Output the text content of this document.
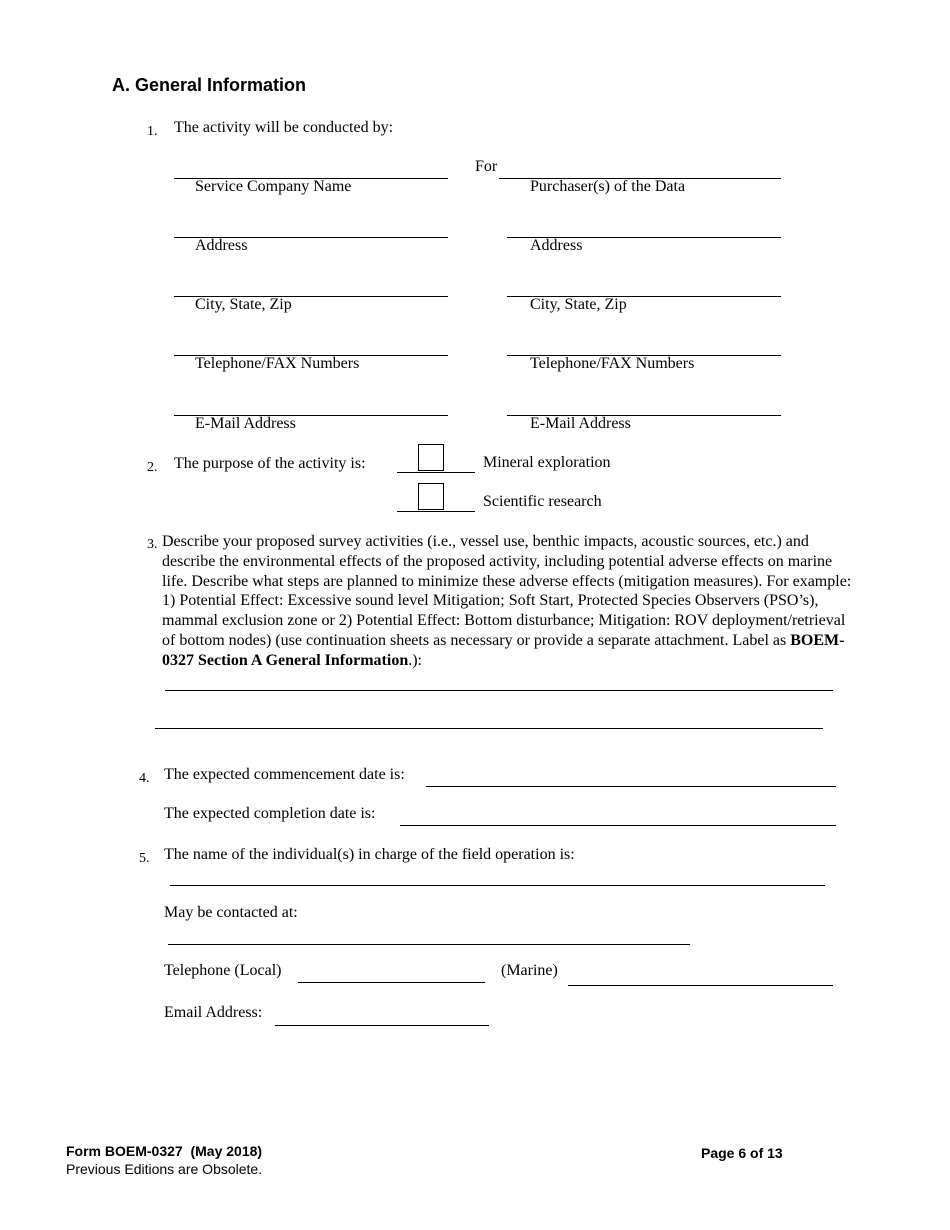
A. General Information
1. The activity will be conducted by:
For
Service Company Name
Address
City, State, Zip
Telephone/FAX Numbers
E-Mail Address
Purchaser(s) of the Data
Address
City, State, Zip
Telephone/FAX Numbers
E-Mail Address
2. The purpose of the activity is:	Mineral exploration
Scientific research
3. Describe your proposed survey activities (i.e., vessel use, benthic impacts, acoustic sources, etc.) and describe the environmental effects of the proposed activity, including potential adverse effects on marine life. Describe what steps are planned to minimize these adverse effects (mitigation measures). For example: 1) Potential Effect: Excessive sound level Mitigation; Soft Start, Protected Species Observers (PSO’s), mammal exclusion zone or 2) Potential Effect: Bottom disturbance; Mitigation: ROV deployment/retrieval of bottom nodes) (use continuation sheets as necessary or provide a separate attachment. Label as BOEM-0327 Section A General Information.):
4. The expected commencement date is:
The expected completion date is:
5. The name of the individual(s) in charge of the field operation is:
May be contacted at:
Telephone (Local)	(Marine)
Email Address:
Form BOEM-0327  (May 2018)
Previous Editions are Obsolete.
Page 6 of 13
